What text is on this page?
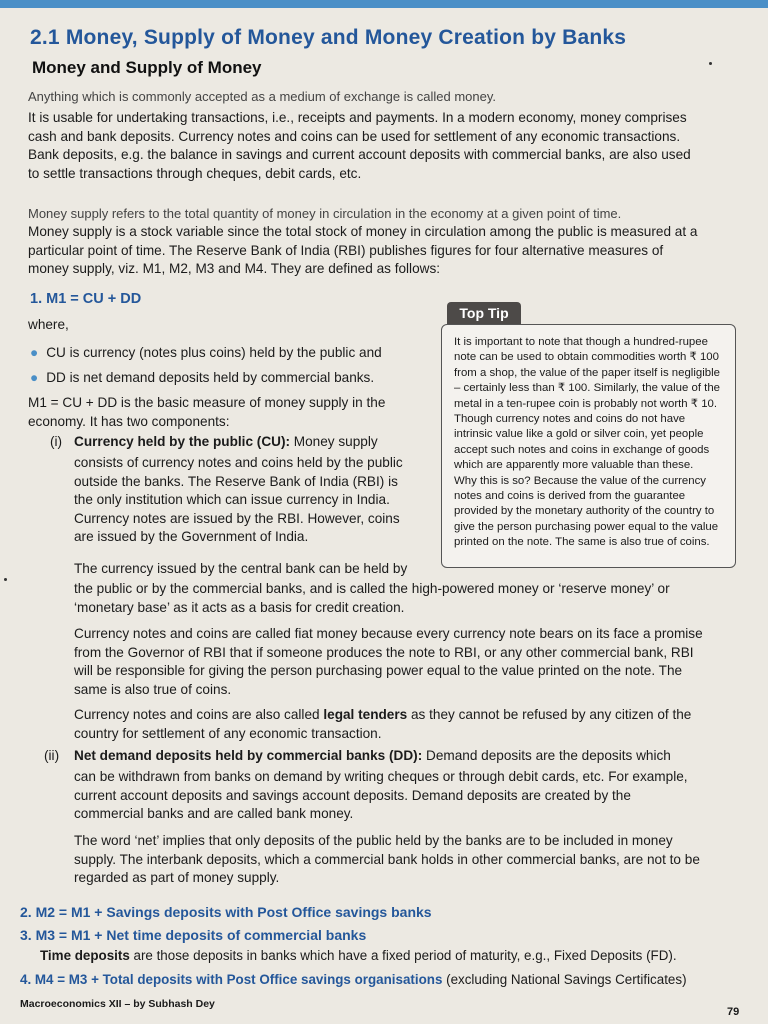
2.1 Money, Supply of Money and Money Creation by Banks
Money and Supply of Money
Anything which is commonly accepted as a medium of exchange is called money.

It is usable for undertaking transactions, i.e., receipts and payments. In a modern economy, money comprises

cash and bank deposits. Currency notes and coins can be used for settlement of any economic transactions.

Bank deposits, e.g. the balance in savings and current account deposits with commercial banks, are also used

to settle transactions through cheques, debit cards, etc.

Money supply refers to the total quantity of money in circulation in the economy at a given point of time.

Money supply is a stock variable since the total stock of money in circulation among the public is measured at a

particular point of time. The Reserve Bank of India (RBI) publishes figures for four alternative measures of

money supply, viz. M1, M2, M3 and M4. They are defined as follows:

1. M1 = CU + DD
where,
● CU is currency (notes plus coins) held by the public and
● DD is net demand deposits held by commercial banks.

M1 = CU + DD is the basic measure of money supply in the

economy. It has two components:

(i) Currency held by the public (CU): Money supply

consists of currency notes and coins held by the public

outside the banks. The Reserve Bank of India (RBI) is

the only institution which can issue currency in India.

Currency notes are issued by the RBI. However, coins

are issued by the Government of India.

The currency issued by the central bank can be held by

the public or by the commercial banks, and is called the high-powered money or ‘reserve money’ or

‘monetary base’ as it acts as a basis for credit creation.

Currency notes and coins are called fiat money because every currency note bears on its face a promise

from the Governor of RBI that if someone produces the note to RBI, or any other commercial bank, RBI

will be responsible for giving the person purchasing power equal to the value printed on the note. The

same is also true of coins.

Currency notes and coins are also called legal tenders as they cannot be refused by any citizen of the

country for settlement of any economic transaction.

(ii) Net demand deposits held by commercial banks (DD): Demand deposits are the deposits which

can be withdrawn from banks on demand by writing cheques or through debit cards, etc. For example,

current account deposits and savings account deposits. Demand deposits are created by the

commercial banks and are called bank money.

The word ‘net’ implies that only deposits of the public held by the banks are to be included in money

supply. The interbank deposits, which a commercial bank holds in other commercial banks, are not to be

regarded as part of money supply.

2. M2 = M1 + Savings deposits with Post Office savings banks
3. M3 = M1 + Net time deposits of commercial banks
Time deposits are those deposits in banks which have a fixed period of maturity, e.g., Fixed Deposits (FD).
4. M4 = M3 + Total deposits with Post Office savings organisations (excluding National Savings Certificates)
Top Tip

It is important to note that though a hundred-rupee

note can be used to obtain commodities worth ₹ 100

from a shop, the value of the paper itself is negligible

– certainly less than ₹ 100. Similarly, the value of the

metal in a ten-rupee coin is probably not worth ₹ 10.

Though currency notes and coins do not have

intrinsic value like a gold or silver coin, yet people

accept such notes and coins in exchange of goods

which are apparently more valuable than these.

Why this is so? Because the value of the currency

notes and coins is derived from the guarantee

provided by the monetary authority of the country to

give the person purchasing power equal to the value

printed on the note. The same is also true of coins.

Macroeconomics XII – by Subhash Dey
79
